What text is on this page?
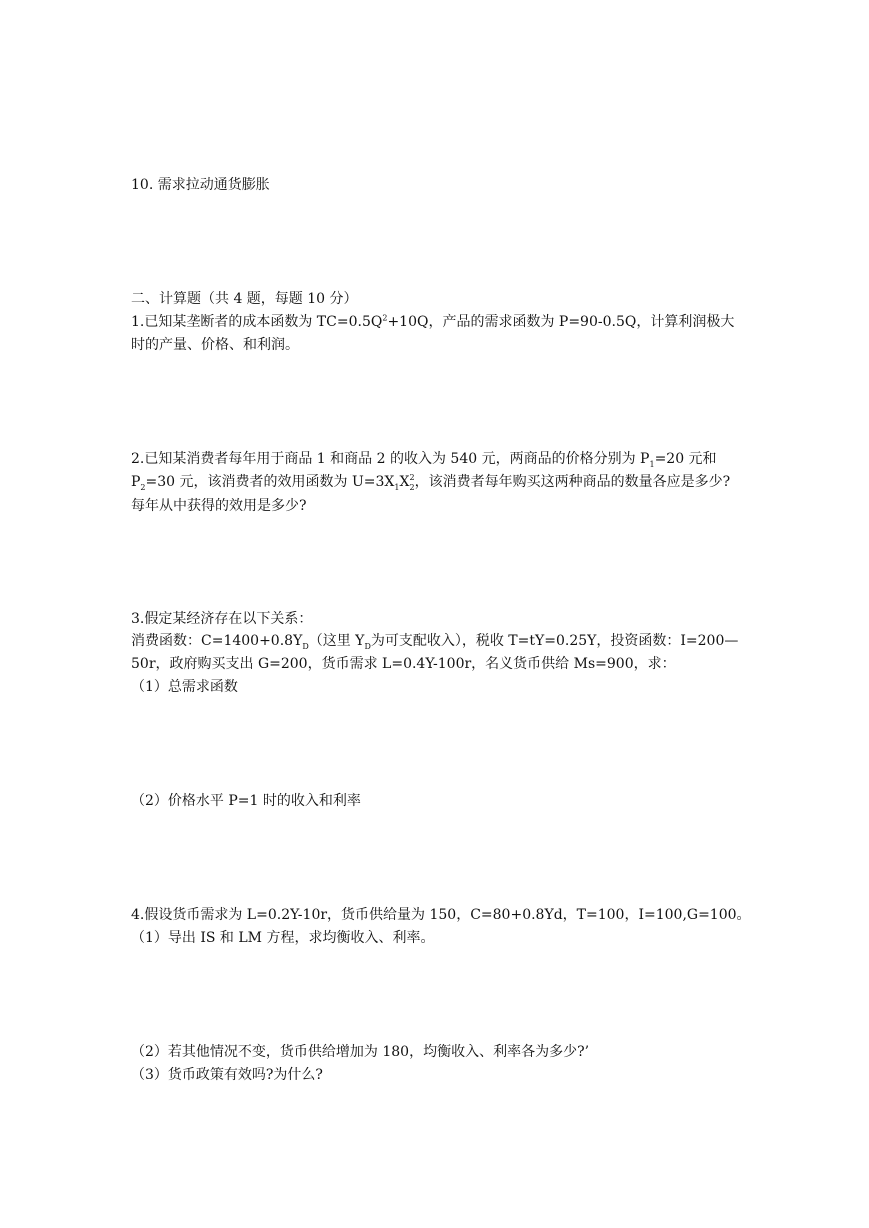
10. 需求拉动通货膨胀
二、计算题（共 4 题，每题 10 分）
1.已知某垄断者的成本函数为 $TC=0.5Q^2+10Q$，产品的需求函数为 P=90-0.5Q，计算利润极大
时的产量、价格、和利润。
2.已知某消费者每年用于商品 1 和商品 2 的收入为 540 元，两商品的价格分别为 $P_1=20$ 元和
$P_2=30$ 元，该消费者的效用函数为 $U=3X_1X_2^2$，该消费者每年购买这两种商品的数量各应是多少?
每年从中获得的效用是多少?
3.假定某经济存在以下关系：
消费函数：$C=1400+0.8Y_D$（这里 $Y_D$为可支配收入），税收 T=tY=0.25Y，投资函数：I=200—
50r，政府购买支出 G=200，货币需求 L=0.4Y-100r，名义货币供给 Ms=900，求：
（1）总需求函数
（2）价格水平 P=1 时的收入和利率
4.假设货币需求为 L=0.2Y-10r，货币供给量为 150，C=80+0.8Yd，T=100，I=100,G=100。
（1）导出 IS 和 LM 方程，求均衡收入、利率。
（2）若其他情况不变，货币供给增加为 180，均衡收入、利率各为多少?’
（3）货币政策有效吗?为什么?
